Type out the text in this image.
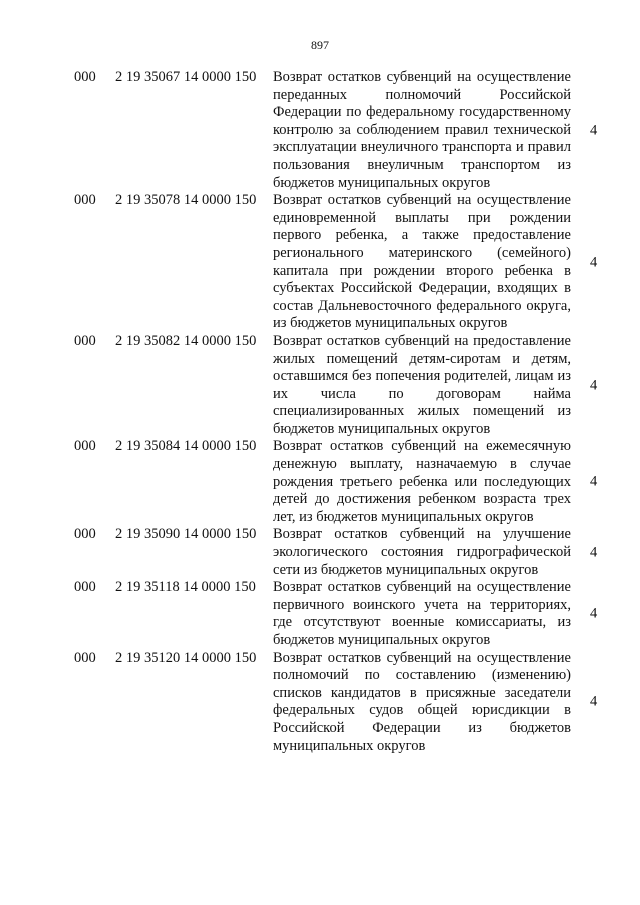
897
000 2 19 35067 14 0000 150 Возврат остатков субвенций на осуществление переданных полномочий Российской Федерации по федеральному государственному контролю за соблюдением правил технической эксплуатации внеуличного транспорта и правил пользования внеуличным транспортом из бюджетов муниципальных округов
4
000 2 19 35078 14 0000 150 Возврат остатков субвенций на осуществление единовременной выплаты при рождении первого ребенка, а также предоставление регионального материнского (семейного) капитала при рождении второго ребенка в субъектах Российской Федерации, входящих в состав Дальневосточного федерального округа, из бюджетов муниципальных округов
4
000 2 19 35082 14 0000 150 Возврат остатков субвенций на предоставление жилых помещений детям-сиротам и детям, оставшимся без попечения родителей, лицам из их числа по договорам найма специализированных жилых помещений из бюджетов муниципальных округов
4
000 2 19 35084 14 0000 150 Возврат остатков субвенций на ежемесячную денежную выплату, назначаемую в случае рождения третьего ребенка или последующих детей до достижения ребенком возраста трех лет, из бюджетов муниципальных округов
4
000 2 19 35090 14 0000 150 Возврат остатков субвенций на улучшение экологического состояния гидрографической сети из бюджетов муниципальных округов
4
000 2 19 35118 14 0000 150 Возврат остатков субвенций на осуществление первичного воинского учета на территориях, где отсутствуют военные комиссариаты, из бюджетов муниципальных округов
4
000 2 19 35120 14 0000 150 Возврат остатков субвенций на осуществление полномочий по составлению (изменению) списков кандидатов в присяжные заседатели федеральных судов общей юрисдикции в Российской Федерации из бюджетов муниципальных округов
4
